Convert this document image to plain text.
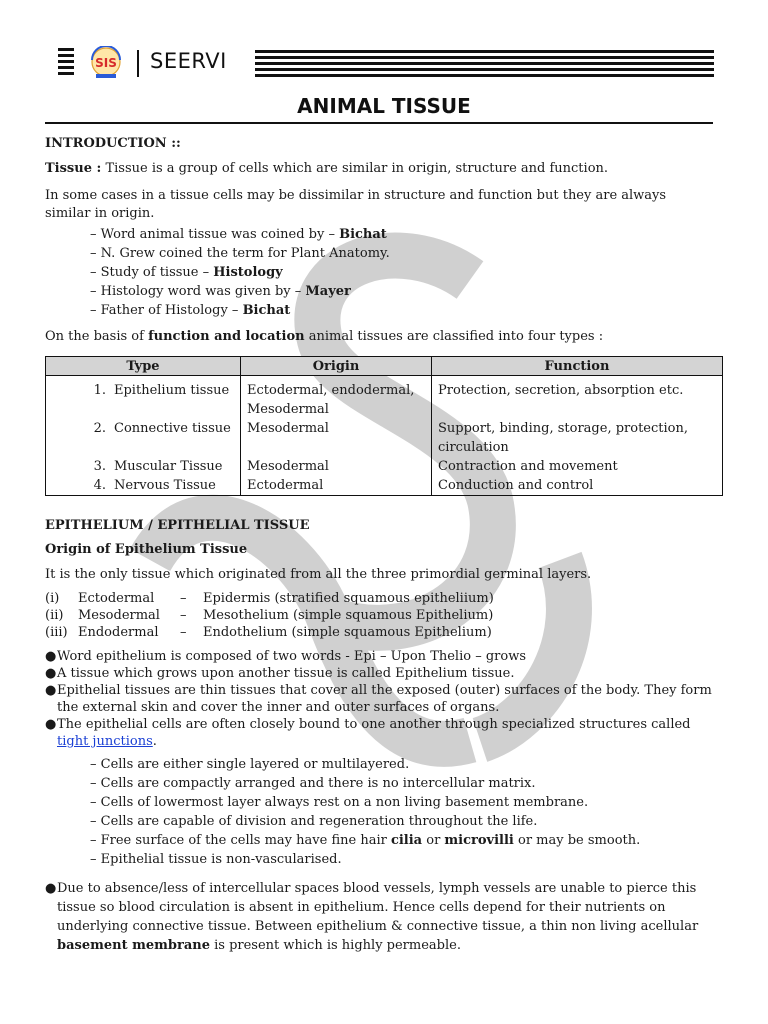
SIS SEERVI
ANIMAL TISSUE
INTRODUCTION ::
Tissue : Tissue is a group of cells which are similar in origin, structure and function.
In some cases in a tissue cells may be dissimilar in structure and function but they are always similar in origin.
– Word animal tissue was coined by – Bichat
– N. Grew coined the term for Plant Anatomy.
– Study of tissue – Histology
– Histology word was given by – Mayer
– Father of Histology – Bichat
On the basis of function and location animal tissues are classified into four types :
Type		Origin	Function
1.	Epithelium tissue	Ectodermal, endodermal, Mesodermal	Protection, secretion, absorption etc.
2.	Connective tissue	Mesodermal	Support, binding, storage, protection, circulation
3.	Muscular Tissue	Mesodermal	Contraction and movement
4.	Nervous Tissue	Ectodermal	Conduction and control
EPITHELIUM / EPITHELIAL TISSUE
Origin of Epithelium Tissue
It is the only tissue which originated from all the three primordial germinal layers.
(i)	Ectodermal	–	Epidermis (stratified squamous epitheliium)
(ii)	Mesodermal	–	Mesothelium (simple squamous Epithelium)
(iii) Endodermal	–	Endothelium (simple squamous Epithelium)
● Word epithelium is composed of two words - Epi – Upon Thelio – grows
● A tissue which grows upon another tissue is called Epithelium tissue.
● Epithelial tissues are thin tissues that cover all the exposed (outer) surfaces of the body. They form the external skin and cover the inner and outer surfaces of organs.
● The epithelial cells are often closely bound to one another through specialized structures called tight junctions.
– Cells are either single layered or multilayered.
– Cells are compactly arranged and there is no intercellular matrix.
– Cells of lowermost layer always rest on a non living basement membrane.
– Cells are capable of division and regeneration throughout the life.
– Free surface of the cells may have fine hair cilia or microvilli or may be smooth.
– Epithelial tissue is non-vascularised.
● Due to absence/less of intercellular spaces blood vessels, lymph vessels are unable to pierce this tissue so blood circulation is absent in epithelium. Hence cells depend for their nutrients on underlying connective tissue. Between epithelium & connective tissue, a thin non living acellular basement membrane is present which is highly permeable.
